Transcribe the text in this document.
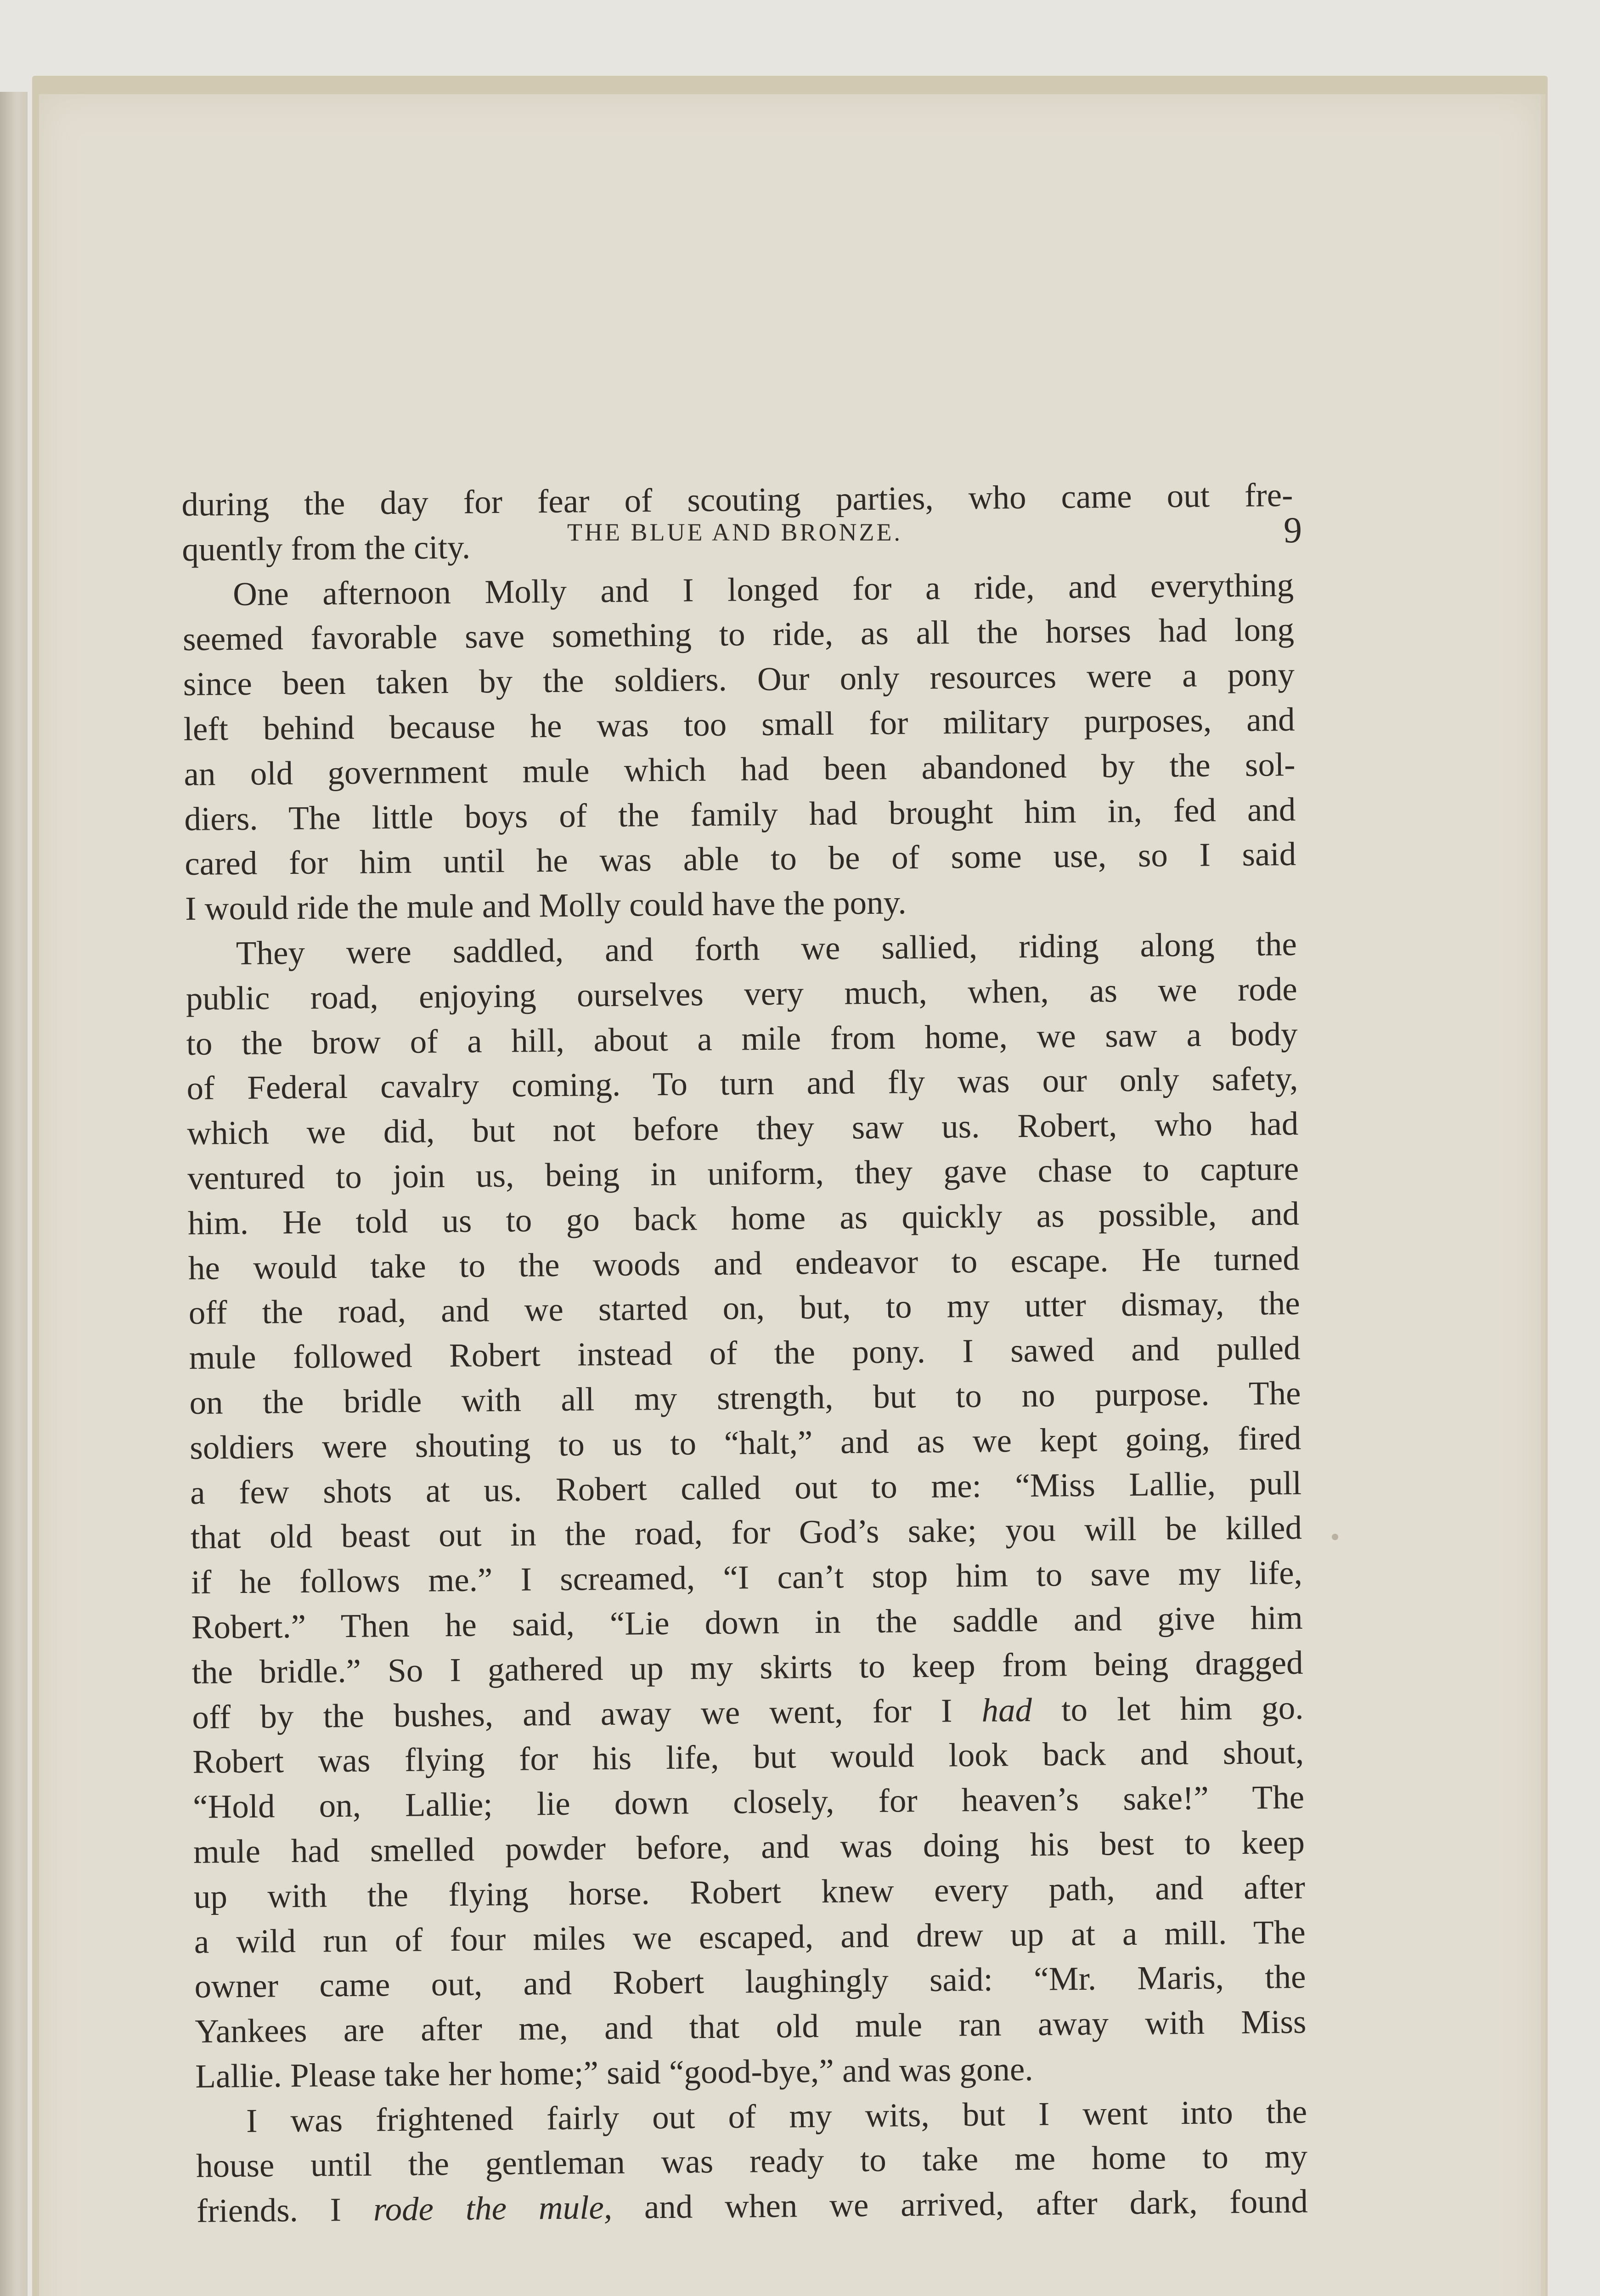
THE BLUE AND BRONZE.	9
during the day for fear of scouting parties, who came out fre-
quently from the city.
One afternoon Molly and I longed for a ride, and everything
seemed favorable save something to ride, as all the horses had long
since been taken by the soldiers. Our only resources were a pony
left behind because he was too small for military purposes, and
an old government mule which had been abandoned by the sol-
diers. The little boys of the family had brought him in, fed and
cared for him until he was able to be of some use, so I said
I would ride the mule and Molly could have the pony.
They were saddled, and forth we sallied, riding along the
public road, enjoying ourselves very much, when, as we rode
to the brow of a hill, about a mile from home, we saw a body
of Federal cavalry coming. To turn and fly was our only safety,
which we did, but not before they saw us. Robert, who had
ventured to join us, being in uniform, they gave chase to capture
him. He told us to go back home as quickly as possible, and
he would take to the woods and endeavor to escape. He turned
off the road, and we started on, but, to my utter dismay, the
mule followed Robert instead of the pony. I sawed and pulled
on the bridle with all my strength, but to no purpose. The
soldiers were shouting to us to “halt,” and as we kept going, fired
a few shots at us. Robert called out to me: “Miss Lallie, pull
that old beast out in the road, for God’s sake; you will be killed
if he follows me.” I screamed, “I can’t stop him to save my life,
Robert.” Then he said, “Lie down in the saddle and give him
the bridle.” So I gathered up my skirts to keep from being dragged
off by the bushes, and away we went, for I had to let him go.
Robert was flying for his life, but would look back and shout,
“Hold on, Lallie; lie down closely, for heaven’s sake!” The
mule had smelled powder before, and was doing his best to keep
up with the flying horse. Robert knew every path, and after
a wild run of four miles we escaped, and drew up at a mill. The
owner came out, and Robert laughingly said: “Mr. Maris, the
Yankees are after me, and that old mule ran away with Miss
Lallie. Please take her home;” said “good-bye,” and was gone.
I was frightened fairly out of my wits, but I went into the
house until the gentleman was ready to take me home to my
friends. I rode the mule, and when we arrived, after dark, found
